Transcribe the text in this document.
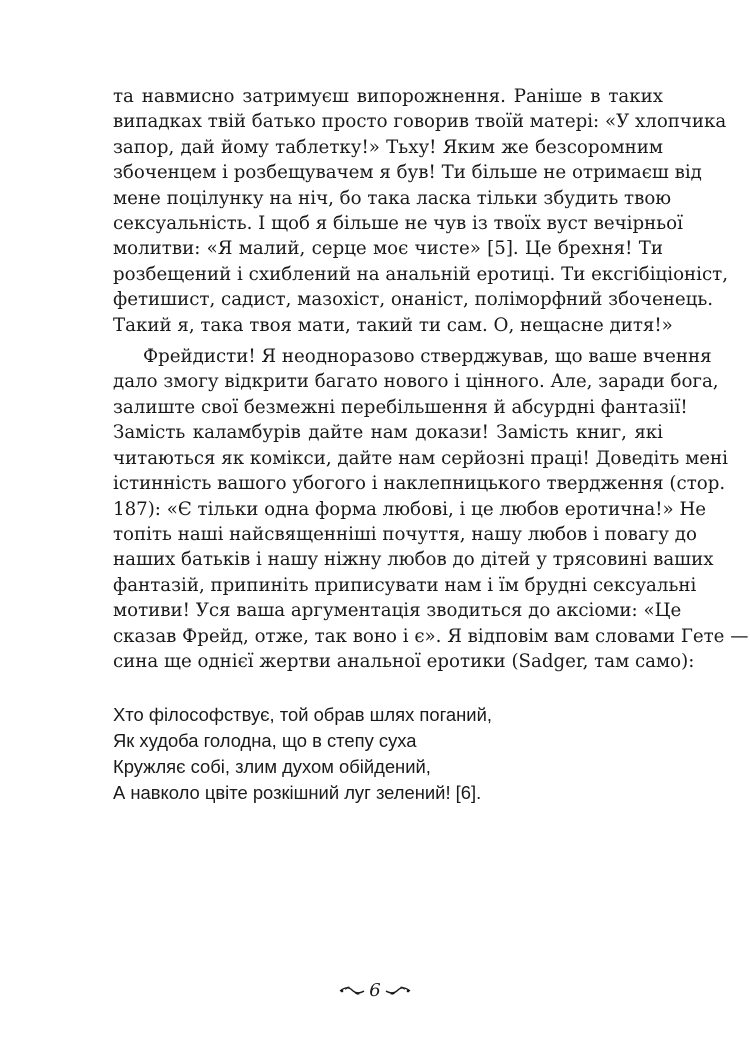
та навмисно затримуєш випорожнення. Раніше в таких
випадках твій батько просто говорив твоїй матері: «У хлопчика
запор, дай йому таблетку!» Тьху! Яким же безсоромним
збоченцем і розбещувачем я був! Ти більше не отримаєш від
мене поцілунку на ніч, бо така ласка тільки збудить твою
сексуальність. І щоб я більше не чув із твоїх вуст вечірньої
молитви: «Я малий, серце моє чисте» [5]. Це брехня! Ти
розбещений і схиблений на анальній еротиці. Ти ексгібіціоніст,
фетишист, садист, мазохіст, онаніст, поліморфний збоченець.
Такий я, така твоя мати, такий ти сам. О, нещасне дитя!»

Фрейдисти! Я неодноразово стверджував, що ваше вчення
дало змогу відкрити багато нового і цінного. Але, заради бога,
залиште свої безмежні перебільшення й абсурдні фантазії!
Замість каламбурів дайте нам докази! Замість книг, які
читаються як комікси, дайте нам серйозні праці! Доведіть мені
істинність вашого убогого і наклепницького твердження (стор.
187): «Є тільки одна форма любові, і це любов еротична!» Не
топіть наші найсвященніші почуття, нашу любов і повагу до
наших батьків і нашу ніжну любов до дітей у трясовині ваших
фантазій, припиніть приписувати нам і їм брудні сексуальні
мотиви! Уся ваша аргументація зводиться до аксіоми: «Це
сказав Фрейд, отже, так воно і є». Я відповім вам словами Гете —
сина ще однієї жертви анальної еротики (Sadger, там само):

Хто філософствує, той обрав шлях поганий,
Як худоба голодна, що в степу суха
Кружляє собі, злим духом обійдений,
А навколо цвіте розкішний луг зелений! [6].
6
